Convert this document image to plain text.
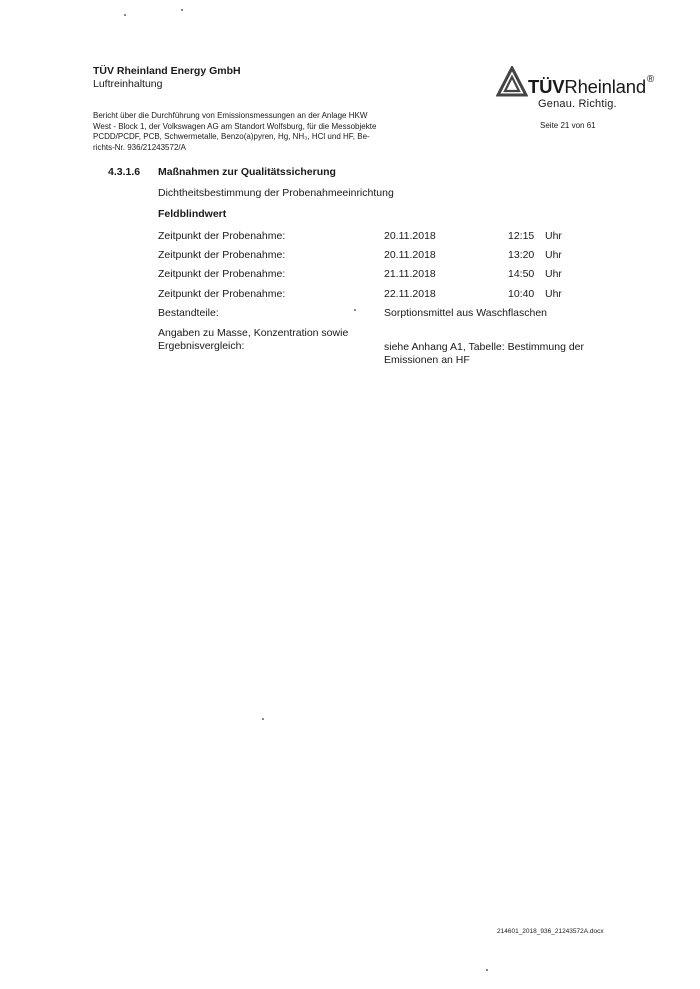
TÜV Rheinland Energy GmbH
Luftreinhaltung
Bericht über die Durchführung von Emissionsmessungen an der Anlage HKW
West - Block 1, der Volkswagen AG am Standort Wolfsburg, für die Messobjekte
PCDD/PCDF, PCB, Schwermetalle, Benzo(a)pyren, Hg, NH₃, HCl und HF, Be-
richts-Nr. 936/21243572/A
TÜVRheinland®
Genau. Richtig.
Seite 21 von 61
4.3.1.6 Maßnahmen zur Qualitätssicherung
Dichtheitsbestimmung der Probenahmeeinrichtung
Feldblindwert
Zeitpunkt der Probenahme:	20.11.2018	12:15 Uhr
Zeitpunkt der Probenahme:	20.11.2018	13:20 Uhr
Zeitpunkt der Probenahme:	21.11.2018	14:50 Uhr
Zeitpunkt der Probenahme:	22.11.2018	10:40 Uhr
Bestandteile:	Sorptionsmittel aus Waschflaschen
Angaben zu Masse, Konzentration sowie
Ergebnisvergleich:	siehe Anhang A1, Tabelle: Bestimmung der
Emissionen an HF
214601_2018_936_21243572A.docx
